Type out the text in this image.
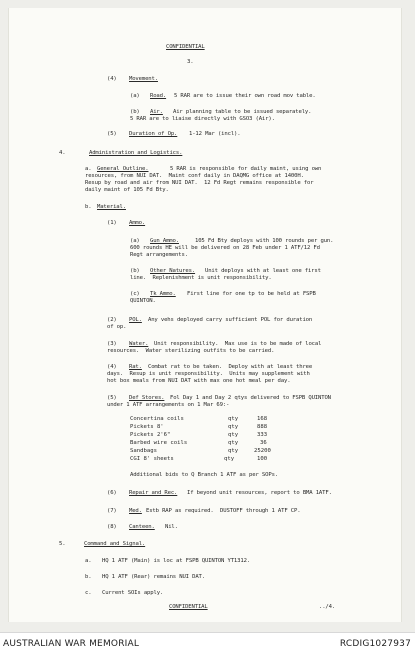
CONFIDENTIAL
3.
(4) Movement.
(a) Road. 5 RAR are to issue their own road mov table.
(b) Air. Air planning table to be issued separately.
5 RAR are to liaise directly with GSO3 (Air).
(5) Duration of Op. 1-12 Mar (incl).
4.	Administration and Logistics.
a. General Outline.	5 RAR is responsible for daily maint, using own
resources, from NUI DAT.  Maint conf daily in DAQMG office at 1400H.
Resup by road and air from NUI DAT.  12 Fd Regt remains responsible for
daily maint of 105 Fd Bty.
b. Material.
(1) Ammo.
(a) Gun Ammo.	105 Fd Bty deploys with 100 rounds per gun.
600 rounds HE will be delivered on 28 Feb under 1 ATF/12 Fd
Regt arrangements.
(b) Other Natures. Unit deploys with at least one first
line.  Replenishment is unit responsibility.
(c) Tk Ammo. First line for one tp to be held at FSPB
QUINTON.
(2) POL. Any vehs deployed carry sufficient POL for duration
of op.
(3) Water. Unit responsibility.  Max use is to be made of local
resources.  Water sterilizing outfits to be carried.
(4) Rat. Combat rat to be taken.  Deploy with at least three
days.  Resup is unit responsibility.  Units may supplement with
hot box meals from NUI DAT with max one hot meal per day.
(5) Def Stores. Fol Day 1 and Day 2 qtys delivered to FSPB QUINTON
under 1 ATF arrangements on 1 Mar 69:-
Concertina coils	qty	168
Pickets 8'	qty	888
Pickets 2'6"	qty	333
Barbed wire coils	qty	36
Sandbags	qty	25200
CGI 8' sheets	qty	100
Additional bids to Q Branch 1 ATF as per SOPs.
(6) Repair and Rec. If beyond unit resources, report to BMA 1ATF.
(7) Med. Estb RAP as required.  DUSTOFF through 1 ATF CP.
(8) Canteen. Nil.
5.	Command and Signal.
a. HQ 1 ATF (Main) is loc at FSPB QUINTON YT1312.
b. HQ 1 ATF (Rear) remains NUI DAT.
c. Current SOIs apply.
CONFIDENTIAL	../4.
AUSTRALIAN WAR MEMORIAL	RCDIG1027937
